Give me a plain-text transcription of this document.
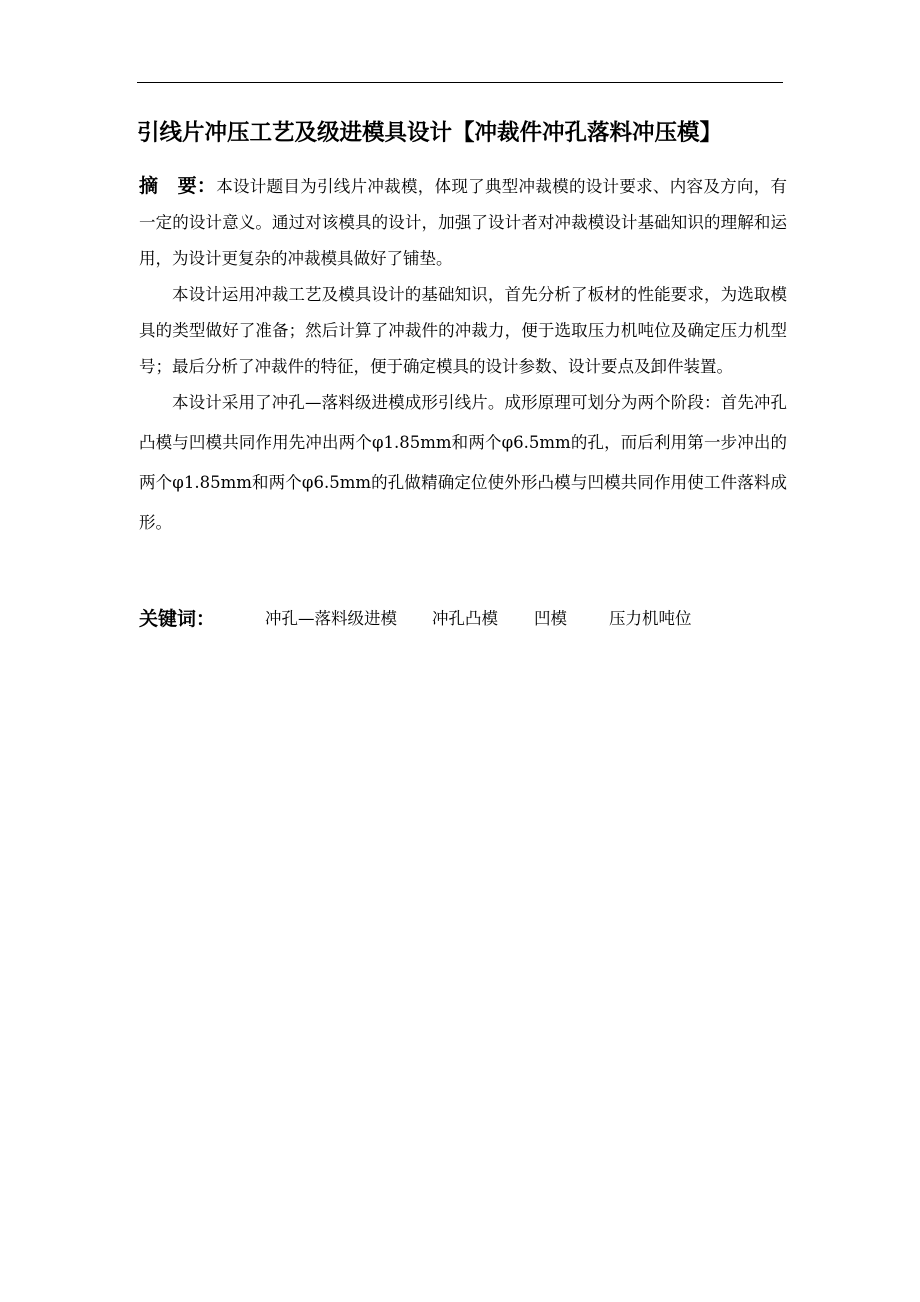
引线片冲压工艺及级进模具设计【冲裁件冲孔落料冲压模】

摘　要：本设计题目为引线片冲裁模，体现了典型冲裁模的设计要求、内容及方向，有一定的设计意义。通过对该模具的设计，加强了设计者对冲裁模设计基础知识的理解和运用，为设计更复杂的冲裁模具做好了铺垫。

本设计运用冲裁工艺及模具设计的基础知识，首先分析了板材的性能要求，为选取模具的类型做好了准备；然后计算了冲裁件的冲裁力，便于选取压力机吨位及确定压力机型号；最后分析了冲裁件的特征，便于确定模具的设计参数、设计要点及卸件装置。

本设计采用了冲孔—落料级进模成形引线片。成形原理可划分为两个阶段：首先冲孔凸模与凹模共同作用先冲出两个φ1.85mm和两个φ6.5mm的孔，而后利用第一步冲出的两个φ1.85mm和两个φ6.5mm的孔做精确定位使外形凸模与凹模共同作用使工件落料成形。

关键词：	冲孔—落料级进模 冲孔凸模 凹模	压力机吨位
